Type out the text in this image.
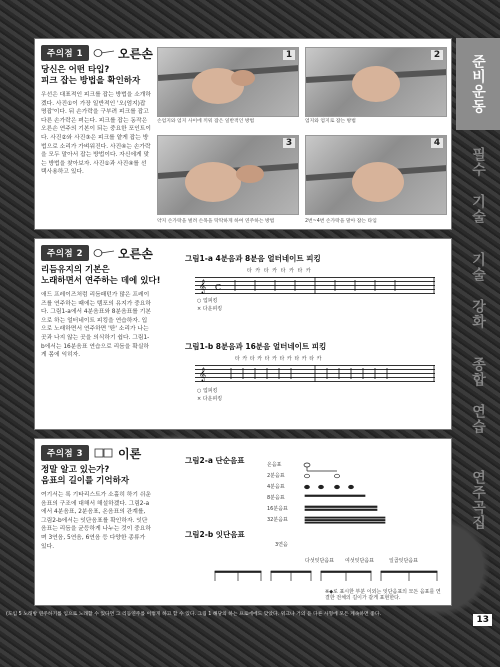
준비운동
필수 기술
기술 강화
종합 연습
연주곡집
주의점 1	오른손
당신은 어떤 타입?
피크 잡는 방법을 확인하자
우선은 대표적인 피크를 잡는 방법을 소개하겠다. 사진①이 가장 일반적인 '오(엄지)잡 명잡'이다. 뒤 손가락을 구부려 피크를 잡고 다른 손가락은 펴는다. 피크를 잡는 동작은 오른손 연주의 기본이 되는 중요한 포인트이다. 사진②와 사진③은 피크를 얕게 잡는 방법으로 소리가 가벼워진다. 사진④는 손가락을 모두 말아서 잡는 방법이다. 자신에게 맞는 방법을 찾아보자. 사진①과 사진④를 선택사용하고 있다.
1
손엄지와 엄지 사이에 끼워 잡은 일반적인 방법
2
엄지와 엄지로 잡는 방법
3
약지 손가락을 벌려 손목을 딱딱하게 하여 연주하는 방법
4
2번~4번 손가락을 말아 잡는 타입
주의점 2	오른손
리듬유지의 기본은
노래하면서 연주하는 데에 있다!
애드 프레이즈처럼 리듬패턴가 많은 프레이즈를 연주하는 때에는 템포의 유지가 중요하다. 그림1-a에서 4분음표와 8분음표를 기본으로 하는 얼터네이트 피킹을 연습하자. 입으로 노래하면서 연주하면 '딴' 소리가 나는 곳과 나지 않는 곳을 의식하기 쉽다. 그림1-b에서는 16분음표 연습으로 리듬을 확실하게 몸에 익히자.
그림1-a 4분음과 8분음 얼터네이트 피킹
타 카 타 카 타 카 타 카
𝄞 C
○ 업피킹
× 다운피킹
그림1-b 8분음과 16분음 얼터네이트 피킹
타 카 타 카 타 카 타 카 타 카 타 카
𝄞
○ 업피킹
× 다운피킹
주의점 3	이론
정말 알고 있는가?
음표의 길이를 기억하자
여기서는 록 기타리스트가 소홀히 하기 쉬운 음표의 구조에 대해서 해설하겠다. 그림2-a에서 4분음표, 2분음표, 온음표의 관계를, 그림2-b에서는 잇단음표를 확인하자. 잇단음표는 리듬을 균등하게 나누는 것이 중요하며 3연음, 5연음, 6연음 등 다양한 종류가 있다.
그림2-a 단순음표	온음표
2분음표
4분음표
8분음표
16분음표
32분음표
그림2-b 잇단음표
3연음
다섯잇단음표 여섯잇단음표	일곱잇단음표
※◆로 표시한 부분 이외는 잇단음표의 모든 음표를 연결한 전체의 길이가 같게 표현한다.
(도입 5 노래방 연주하기를 입으로 노래할 수 있다면 그 리듬연주를 이렇게 하고 할 수 있다. 그림 1 해당의 하는 프로에에도 맞았다. 워크나 거의 듣 다른 사형에 모든 계속하면 좋다.
13
